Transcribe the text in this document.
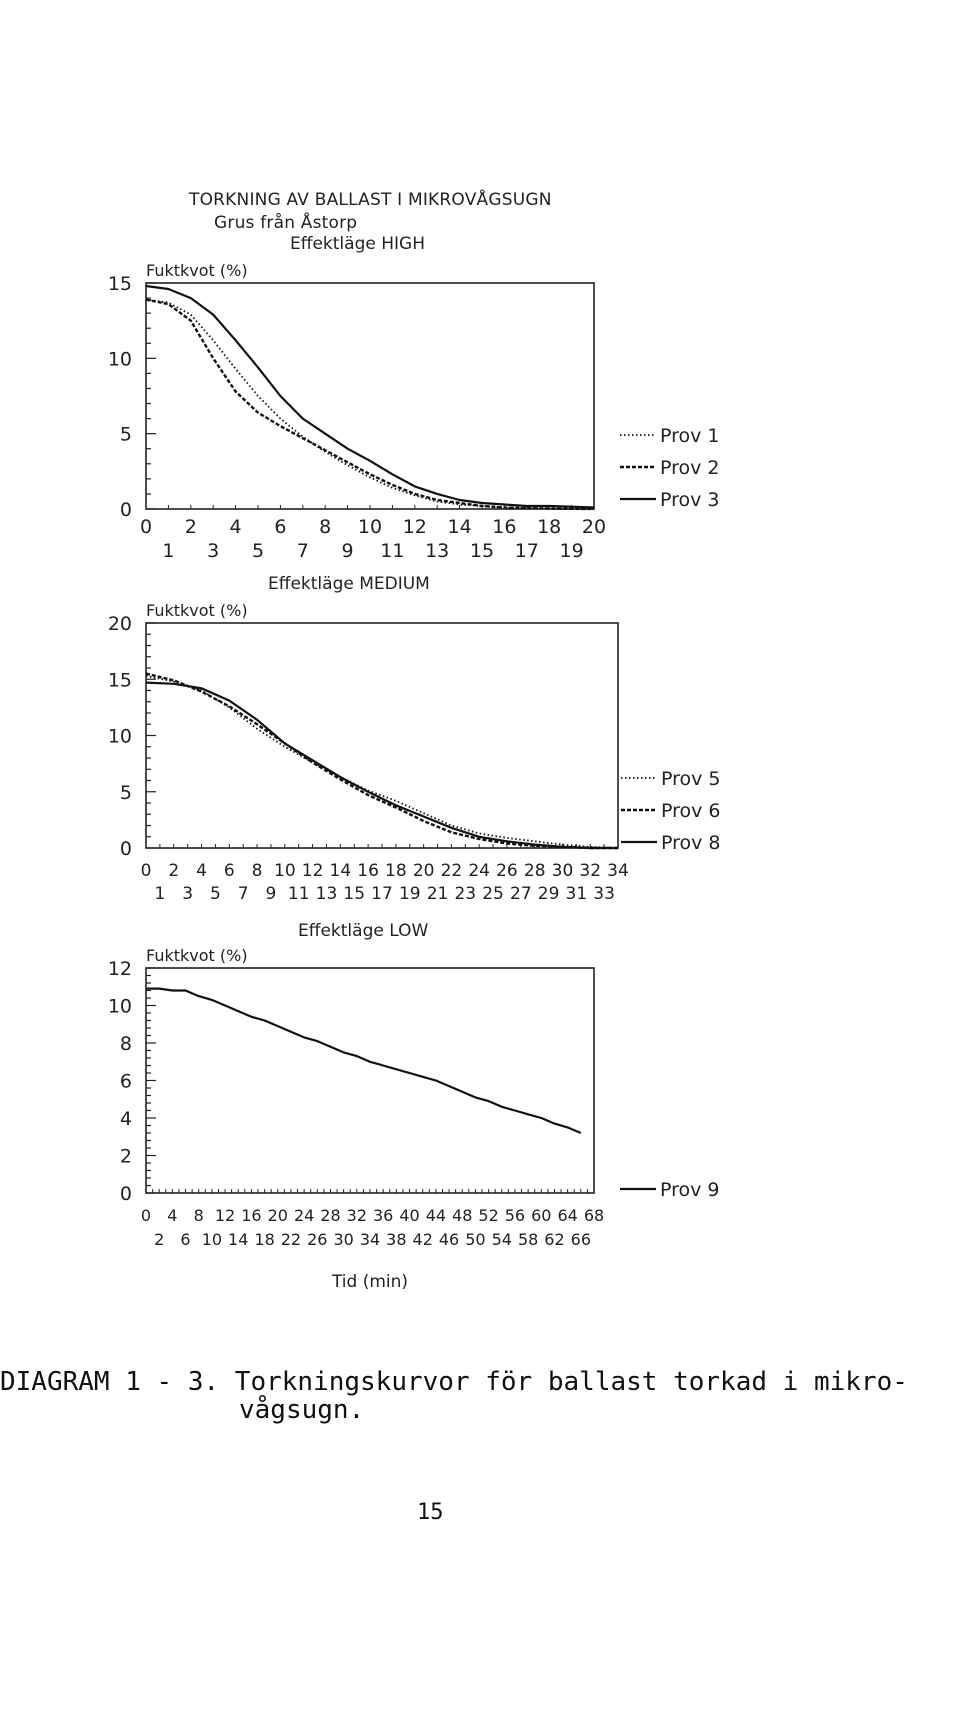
TORKNING AV BALLAST I MIKROVÅGSUGN
Grus från Åstorp
Effektläge HIGH
Fuktkvot (%)
0
5
10
15
0 2 4 6 8 10 12 14 16 18 20
1 3 5 7 9 11 13 15 17 19
Prov 1
Prov 2
Prov 3
Effektläge MEDIUM
Fuktkvot (%)
0
5
10
15
20
0 2 4 6 8 10 12 14 16 18 20 22 24 26 28 30 32 34
1 3 5 7 9 11 13 15 17 19 21 23 25 27 29 31 33
Prov 5
Prov 6
Prov 8
Effektläge LOW
Fuktkvot (%)
0
2
4
6
8
10
12
0 4 8 12 16 20 24 28 32 36 40 44 48 52 56 60 64 68
2 6 10 14 18 22 26 30 34 38 42 46 50 54 58 62 66
Prov 9
Tid (min)
DIAGRAM 1 - 3. Torkningskurvor för ballast torkad i mikro-
vågsugn.
15
